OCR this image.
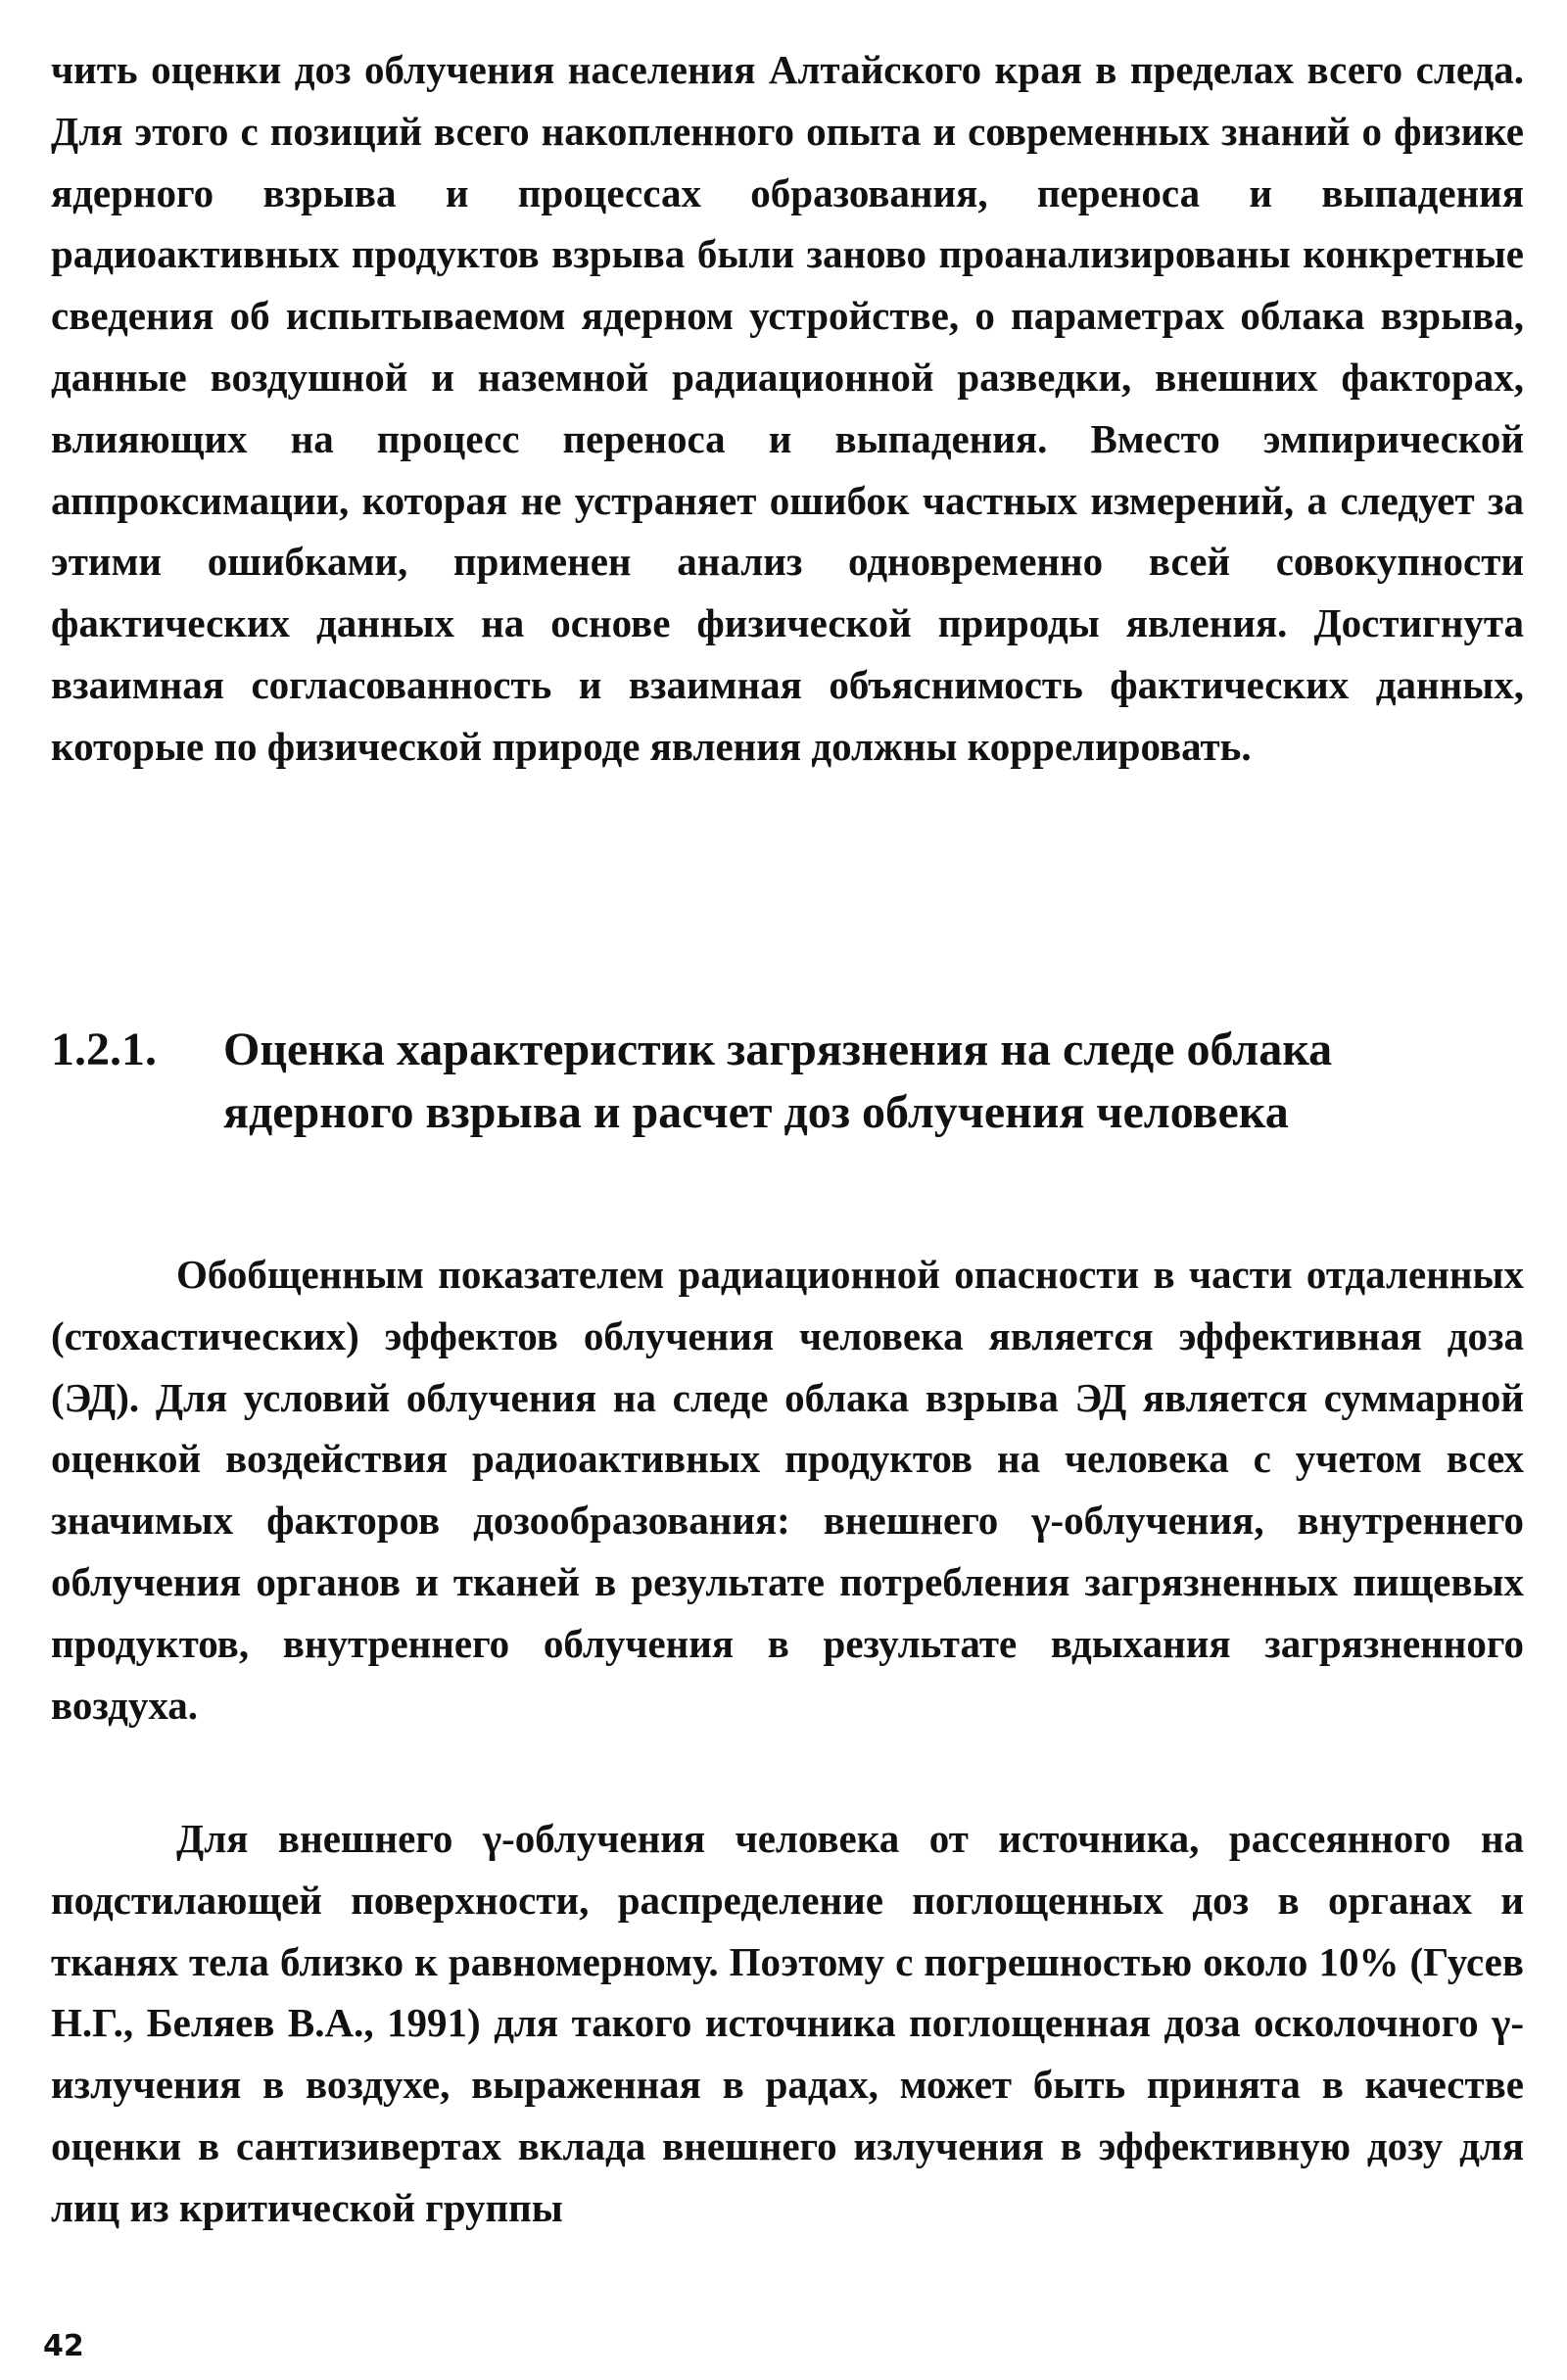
чить оценки доз облучения населения Алтайского края в пределах всего следа. Для этого с позиций всего накопленного опыта и современных знаний о физике ядерного взрыва и процессах образования, переноса и выпадения радиоактивных продуктов взрыва были заново проанализированы конкретные сведения об испытываемом ядерном устройстве, о параметрах облака взрыва, данные воздушной и наземной радиационной разведки, внешних факторах, влияющих на процесс переноса и выпадения. Вместо эмпирической аппроксимации, которая не устраняет ошибок частных измерений, а следует за этими ошибками, применен анализ одновременно всей совокупности фактических данных на основе физической природы явления. Достигнута взаимная согласованность и взаимная объяснимость фактических данных, которые по физической природе явления должны коррелировать.

1.2.1.	Оценка характеристик загрязнения на следе облака ядерного взрыва и расчет доз облучения человека

Обобщенным показателем радиационной опасности в части отдаленных (стохастических) эффектов облучения человека является эффективная доза (ЭД). Для условий облучения на следе облака взрыва ЭД является суммарной оценкой воздействия радиоактивных продуктов на человека с учетом всех значимых факторов дозообразования: внешнего γ-облучения, внутреннего облучения органов и тканей в результате потребления загрязненных пищевых продуктов, внутреннего облучения в результате вдыхания загрязненного воздуха.

Для внешнего γ-облучения человека от источника, рассеянного на подстилающей поверхности, распределение поглощенных доз в органах и тканях тела близко к равномерному. Поэтому с погрешностью около 10% (Гусев Н.Г., Беляев В.А., 1991) для такого источника поглощенная доза осколочного γ-излучения в воздухе, выраженная в радах, может быть принята в качестве оценки в сантизивертах вклада внешнего излучения в эффективную дозу для лиц из критической группы

42
